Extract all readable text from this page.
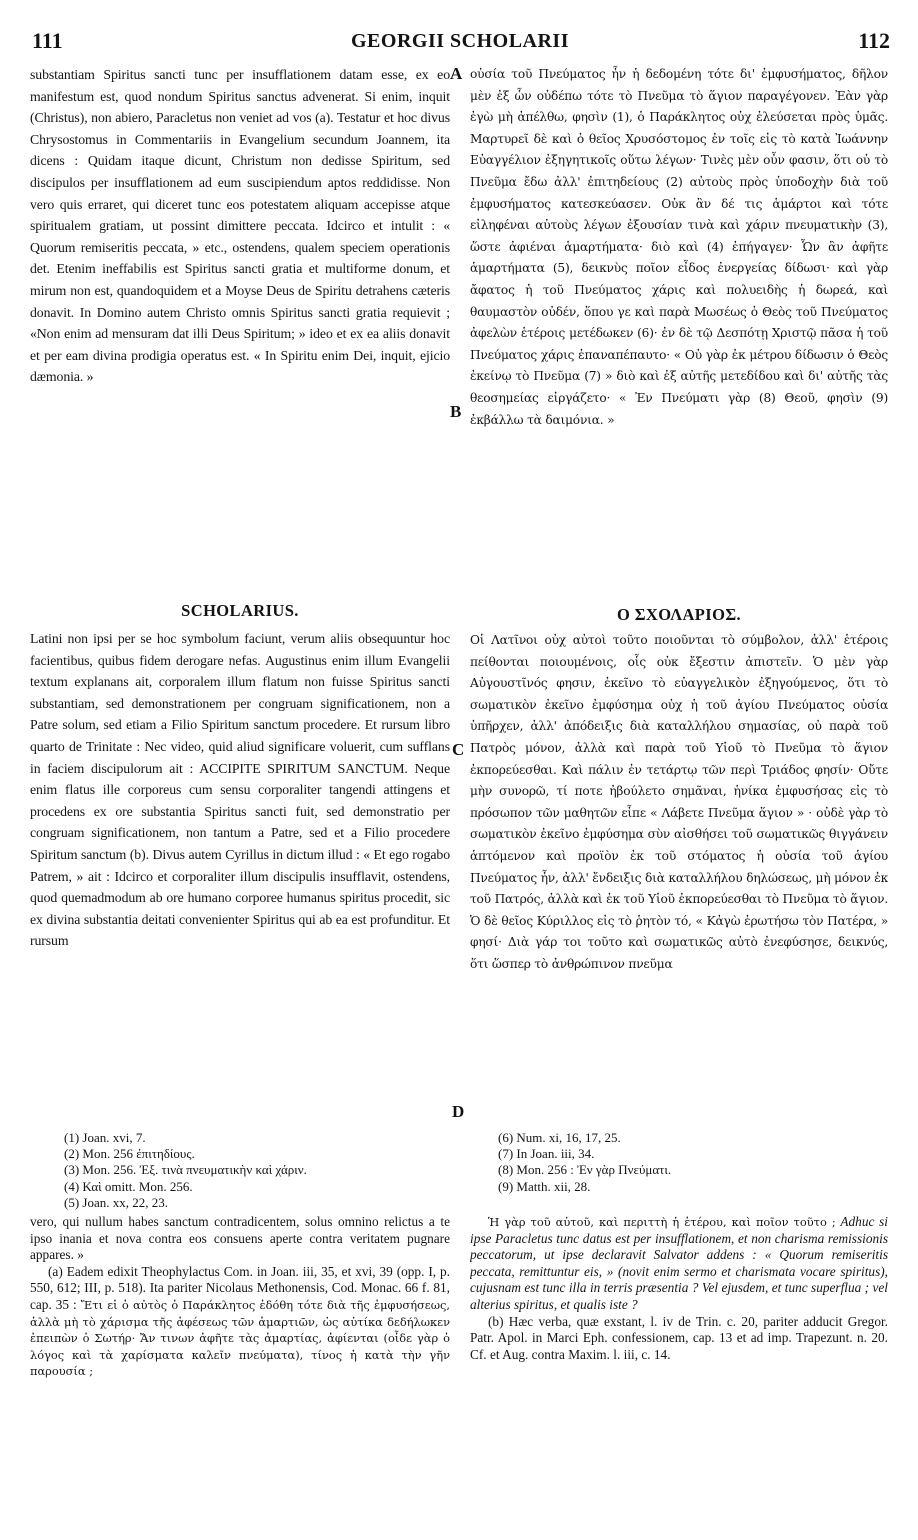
111	GEORGII SCHOLARII	112

substantiam Spiritus sancti tunc per insufflationem datam esse, ex eo manifestum est, quod nondum Spiritus sanctus advenerat. Si enim, inquit (Christus), non abiero, Paracletus non veniet ad vos (a). Testatur et hoc divus Chrysostomus in Commentariis in Evangelium secundum Joannem, ita dicens : Quidam itaque dicunt, Christum non dedisse Spiritum, sed discipulos per insufflationem ad eum suscipiendum aptos reddidisse. Non vero quis erraret, qui diceret tunc eos potestatem aliquam accepisse atque spiritualem gratiam, ut possint dimittere peccata. Idcirco et intulit : « Quorum remiseritis peccata, » etc., ostendens, qualem speciem operationis det. Etenim ineffabilis est Spiritus sancti gratia et multiforme donum, et mirum non est, quandoquidem et a Moyse Deus de Spiritu detrahens cæteris donavit. In Domino autem Christo omnis Spiritus sancti gratia requievit ; «Non enim ad mensuram dat illi Deus Spiritum; » ideo et ex ea aliis donavit et per eam divina prodigia operatus est. « In Spiritu enim Dei, inquit, ejicio dæmonia. »

οὐσία τοῦ Πνεύματος ἦν ἡ δεδομένη τότε δι' ἐμφυσήματος, δῆλον μὲν ἐξ ὧν οὐδέπω τότε τὸ Πνεῦμα τὸ ἅγιον παραγέγονεν. Ἐὰν γὰρ ἐγὼ μὴ ἀπέλθω, φησὶν (1), ὁ Παράκλητος οὐχ ἐλεύσεται πρὸς ὑμᾶς. Μαρτυρεῖ δὲ καὶ ὁ θεῖος Χρυσόστομος ἐν τοῖς εἰς τὸ κατὰ Ἰωάννην Εὐαγγέλιον ἐξηγητικοῖς οὕτω λέγων· Τινὲς μὲν οὖν φασιν, ὅτι οὐ τὸ Πνεῦμα ἔδω ἀλλ' ἐπιτηδείους (2) αὐτοὺς πρὸς ὑποδοχὴν διὰ τοῦ ἐμφυσήματος κατεσκεύασεν. Οὐκ ἂν δέ τις ἁμάρτοι καὶ τότε εἰληφέναι αὐτοὺς λέγων ἐξουσίαν τινὰ καὶ χάριν πνευματικὴν (3), ὥστε ἀφιέναι ἁμαρτήματα· διὸ καὶ (4) ἐπήγαγεν· Ὧν ἂν ἀφῆτε ἁμαρτήματα (5), δεικνὺς ποῖον εἶδος ἐνεργείας δίδωσι· καὶ γὰρ ἄφατος ἡ τοῦ Πνεύματος χάρις καὶ πολυειδὴς ἡ δωρεά, καὶ θαυμαστὸν οὐδέν, ὅπου γε καὶ παρὰ Μωσέως ὁ Θεὸς τοῦ Πνεύματος ἀφελὼν ἑτέροις μετέδωκεν (6)· ἐν δὲ τῷ Δεσπότῃ Χριστῷ πᾶσα ἡ τοῦ Πνεύματος χάρις ἐπαναπέπαυτο· « Οὐ γὰρ ἐκ μέτρου δίδωσιν ὁ Θεὸς ἐκείνῳ τὸ Πνεῦμα (7) » διὸ καὶ ἐξ αὐτῆς μετεδίδου καὶ δι' αὐτῆς τὰς θεοσημείας εἰργάζετο· « Ἐν Πνεύματι γὰρ (8) Θεοῦ, φησὶν (9) ἐκβάλλω τὰ δαιμόνια. »

A
B
C
D
SCHOLARIUS.	Ο ΣΧΟΛΑΡΙΟΣ.

Latini non ipsi per se hoc symbolum faciunt, verum aliis obsequuntur hoc facientibus, quibus fidem derogare nefas. Augustinus enim illum Evangelii textum explanans ait, corporalem illum flatum non fuisse Spiritus sancti substantiam, sed demonstrationem per congruam significationem, non a Patre solum, sed etiam a Filio Spiritum sanctum procedere. Et rursum libro quarto de Trinitate : Nec video, quid aliud significare voluerit, cum sufflans in faciem discipulorum ait : ACCIPITE SPIRITUM SANCTUM. Neque enim flatus ille corporeus cum sensu corporaliter tangendi attingens et procedens ex ore substantia Spiritus sancti fuit, sed demonstratio per congruam significationem, non tantum a Patre, sed et a Filio procedere Spiritum sanctum (b). Divus autem Cyrillus in dictum illud : « Et ego rogabo Patrem, » ait : Idcirco et corporaliter illum discipulis insufflavit, ostendens, quod quemadmodum ab ore humano corporee humanus spiritus procedit, sic ex divina substantia deitati convenienter Spiritus qui ab ea est profunditur. Et rursum

Οἱ Λατῖνοι οὐχ αὐτοὶ τοῦτο ποιοῦνται τὸ σύμβολον, ἀλλ' ἑτέροις πείθονται ποιουμένοις, οἷς οὐκ ἔξεστιν ἀπιστεῖν. Ὁ μὲν γὰρ Αὐγουστῖνός φησιν, ἐκεῖνο τὸ εὐαγγελικὸν ἐξηγούμενος, ὅτι τὸ σωματικὸν ἐκεῖνο ἐμφύσημα οὐχ ἡ τοῦ ἁγίου Πνεύματος οὐσία ὑπῆρχεν, ἀλλ' ἀπόδειξις διὰ καταλλήλου σημασίας, οὐ παρὰ τοῦ Πατρὸς μόνον, ἀλλὰ καὶ παρὰ τοῦ Υἱοῦ τὸ Πνεῦμα τὸ ἅγιον ἐκπορεύεσθαι. Καὶ πάλιν ἐν τετάρτῳ τῶν περὶ Τριάδος φησίν· Οὔτε μὴν συνορῶ, τί ποτε ἠβούλετο σημᾶναι, ἡνίκα ἐμφυσήσας εἰς τὸ πρόσωπον τῶν μαθητῶν εἶπε « Λάβετε Πνεῦμα ἅγιον » · οὐδὲ γὰρ τὸ σωματικὸν ἐκεῖνο ἐμφύσημα σὺν αἰσθήσει τοῦ σωματικῶς θιγγάνειν ἁπτόμενον καὶ προϊὸν ἐκ τοῦ στόματος ἡ οὐσία τοῦ ἁγίου Πνεύματος ἦν, ἀλλ' ἔνδειξις διὰ καταλλήλου δηλώσεως, μὴ μόνον ἐκ τοῦ Πατρός, ἀλλὰ καὶ ἐκ τοῦ Υἱοῦ ἐκπορεύεσθαι τὸ Πνεῦμα τὸ ἅγιον. Ὁ δὲ θεῖος Κύριλλος εἰς τὸ ῥητὸν τό, « Κἀγὼ ἐρωτήσω τὸν Πατέρα, » φησί· Διὰ γάρ τοι τοῦτο καὶ σωματικῶς αὐτὸ ἐνεφύσησε, δεικνύς, ὅτι ὥσπερ τὸ ἀνθρώπινον πνεῦμα

(1) Joan. xvi, 7.
(2) Mon. 256 ἐπιτηδίους.
(3) Mon. 256. Ἐξ. τινὰ πνευματικὴν καὶ χάριν.
(4) Καὶ omitt. Mon. 256.
(5) Joan. xx, 22, 23.
(6) Num. xi, 16, 17, 25.
(7) In Joan. iii, 34.
(8) Mon. 256 : Ἐν γὰρ Πνεύματι.
(9) Matth. xii, 28.

vero, qui nullum habes sanctum contradicentem, solus omnino relictus a te ipso inania et nova contra eos consuens aperte contra veritatem pugnare appares. »

(a) Eadem edixit Theophylactus Com. in Joan. iii, 35, et xvi, 39 (opp. I, p. 550, 612; III, p. 518). Ita pariter Nicolaus Methonensis, Cod. Monac. 66 f. 81, cap. 35 : Ἔτι εἰ ὁ αὐτὸς ὁ Παράκλητος ἐδόθη τότε διὰ τῆς ἐμφυσήσεως, ἀλλὰ μὴ τὸ χάρισμα τῆς ἀφέσεως τῶν ἁμαρτιῶν, ὡς αὐτίκα δεδήλωκεν ἐπειπὼν ὁ Σωτήρ· Ἄν τινων ἀφῆτε τὰς ἁμαρτίας, ἀφίενται (οἶδε γὰρ ὁ λόγος καὶ τὰ χαρίσματα καλεῖν πνεύματα), τίνος ἡ κατὰ τὴν γῆν παρουσία ;

Ἡ γὰρ τοῦ αὐτοῦ, καὶ περιττὴ ἡ ἑτέρου, καὶ ποῖον τοῦτο ; Adhuc si ipse Paracletus tunc datus est per insufflationem, et non charisma remissionis peccatorum, ut ipse declaravit Salvator addens : « Quorum remiseritis peccata, remittuntur eis, » (novit enim sermo et charismata vocare spiritus), cujusnam est tunc illa in terris præsentia ? Vel ejusdem, et tunc superflua ; vel alterius spiritus, et qualis iste ?

(b) Hæc verba, quæ exstant, l. iv de Trin. c. 20, pariter adducit Gregor. Patr. Apol. in Marci Eph. confessionem, cap. 13 et ad imp. Trapezunt. n. 20. Cf. et Aug. contra Maxim. l. iii, c. 14.
